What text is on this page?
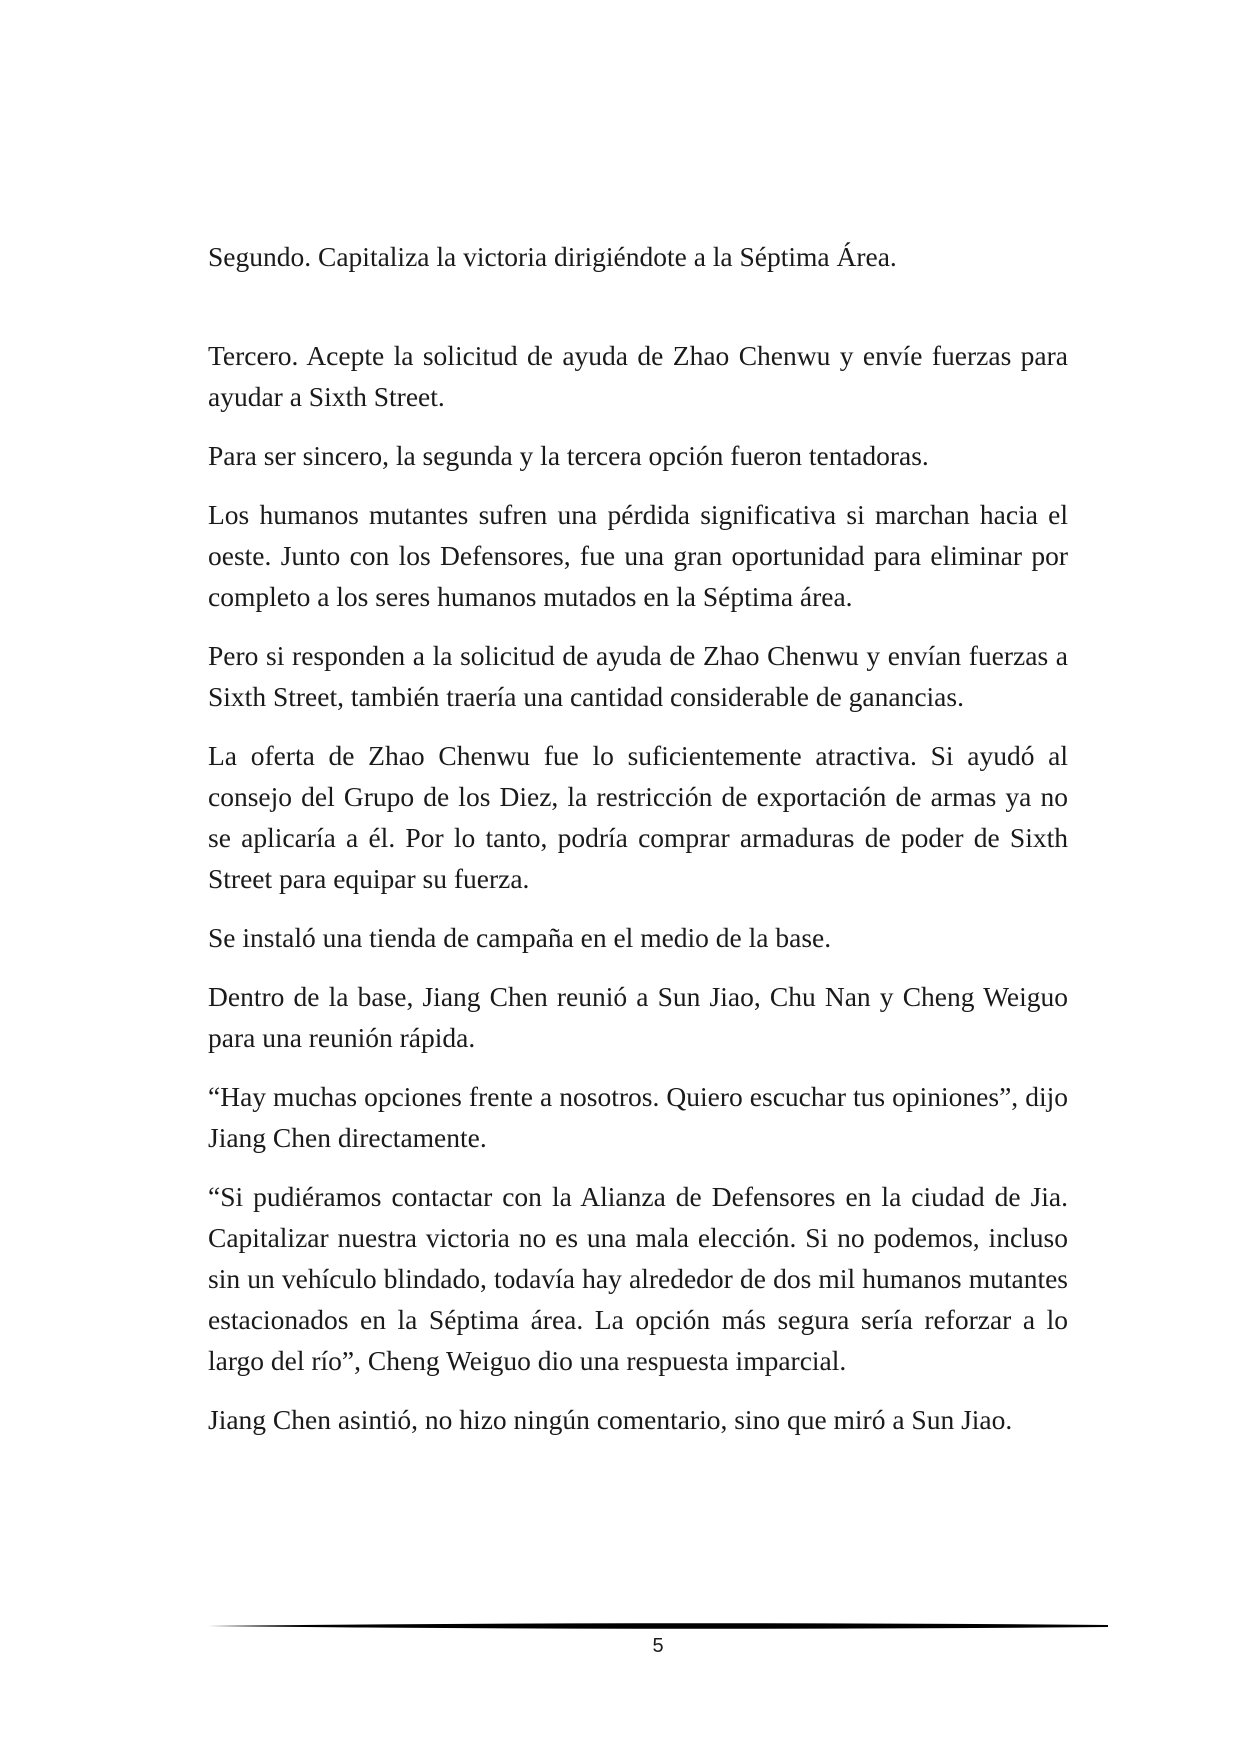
Segundo. Capitaliza la victoria dirigiéndote a la Séptima Área.

Tercero. Acepte la solicitud de ayuda de Zhao Chenwu y envíe fuerzas para ayudar a Sixth Street.

Para ser sincero, la segunda y la tercera opción fueron tentadoras.

Los humanos mutantes sufren una pérdida significativa si marchan hacia el oeste. Junto con los Defensores, fue una gran oportunidad para eliminar por completo a los seres humanos mutados en la Séptima área.

Pero si responden a la solicitud de ayuda de Zhao Chenwu y envían fuerzas a Sixth Street, también traería una cantidad considerable de ganancias.

La oferta de Zhao Chenwu fue lo suficientemente atractiva. Si ayudó al consejo del Grupo de los Diez, la restricción de exportación de armas ya no se aplicaría a él. Por lo tanto, podría comprar armaduras de poder de Sixth Street para equipar su fuerza.

Se instaló una tienda de campaña en el medio de la base.

Dentro de la base, Jiang Chen reunió a Sun Jiao, Chu Nan y Cheng Weiguo para una reunión rápida.

“Hay muchas opciones frente a nosotros. Quiero escuchar tus opiniones”, dijo Jiang Chen directamente.

“Si pudiéramos contactar con la Alianza de Defensores en la ciudad de Jia. Capitalizar nuestra victoria no es una mala elección. Si no podemos, incluso sin un vehículo blindado, todavía hay alrededor de dos mil humanos mutantes estacionados en la Séptima área. La opción más segura sería reforzar a lo largo del río”, Cheng Weiguo dio una respuesta imparcial.

Jiang Chen asintió, no hizo ningún comentario, sino que miró a Sun Jiao.

5
